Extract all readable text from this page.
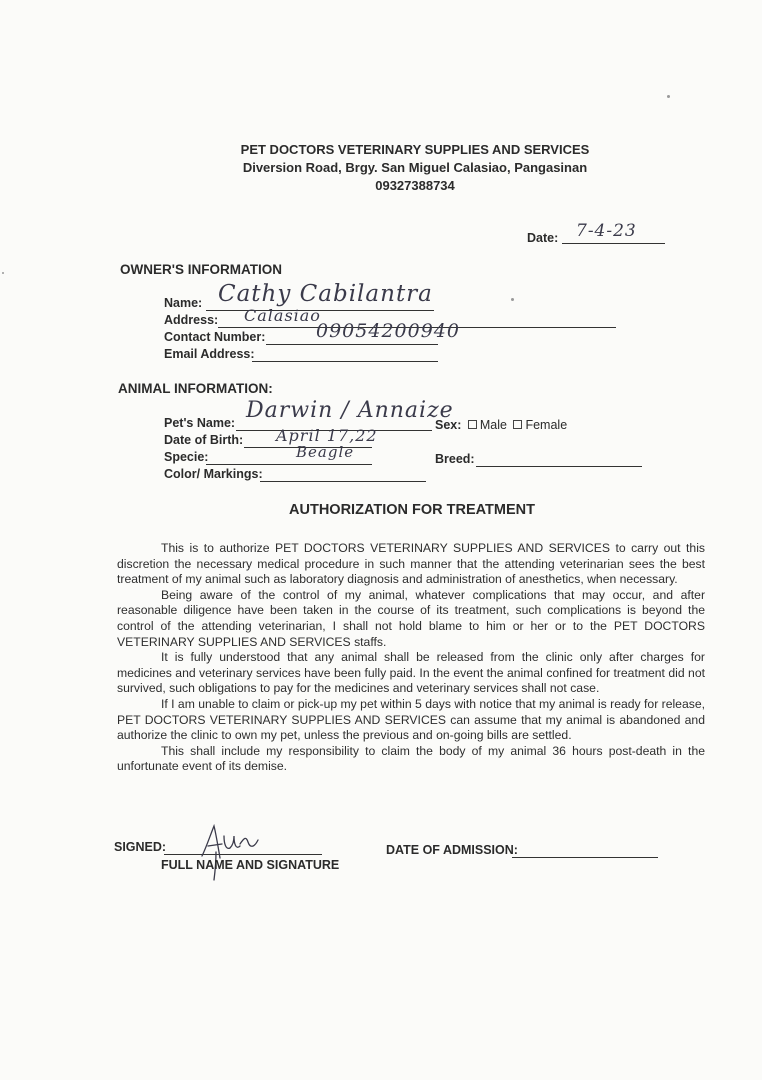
PET DOCTORS VETERINARY SUPPLIES AND SERVICES
Diversion Road, Brgy. San Miguel Calasiao, Pangasinan
09327388734
Date: 7-4-23
OWNER'S INFORMATION
Name: Cathy Cabilantra
Address: Calasiao
Contact Number:	09054200940
Email Address:
ANIMAL INFORMATION:
Pet's Name: Darwin / Annaize
Date of Birth: April 17,22
Specie:	Beagle
Color/ Markings:
Sex: Male Female
Breed:
AUTHORIZATION FOR TREATMENT

This is to authorize PET DOCTORS VETERINARY SUPPLIES AND SERVICES to carry out this discretion the necessary medical procedure in such manner that the attending veterinarian sees the best treatment of my animal such as laboratory diagnosis and administration of anesthetics, when necessary.

Being aware of the control of my animal, whatever complications that may occur, and after reasonable diligence have been taken in the course of its treatment, such complications is beyond the control of the attending veterinarian, I shall not hold blame to him or her or to the PET DOCTORS VETERINARY SUPPLIES AND SERVICES staffs.

It is fully understood that any animal shall be released from the clinic only after charges for medicines and veterinary services have been fully paid. In the event the animal confined for treatment did not survived, such obligations to pay for the medicines and veterinary services shall not case.

If I am unable to claim or pick-up my pet within 5 days with notice that my animal is ready for release, PET DOCTORS VETERINARY SUPPLIES AND SERVICES can assume that my animal is abandoned and authorize the clinic to own my pet, unless the previous and on-going bills are settled.

This shall include my responsibility to claim the body of my animal 36 hours post-death in the unfortunate event of its demise.

SIGNED:
FULL NAME AND SIGNATURE
DATE OF ADMISSION:
